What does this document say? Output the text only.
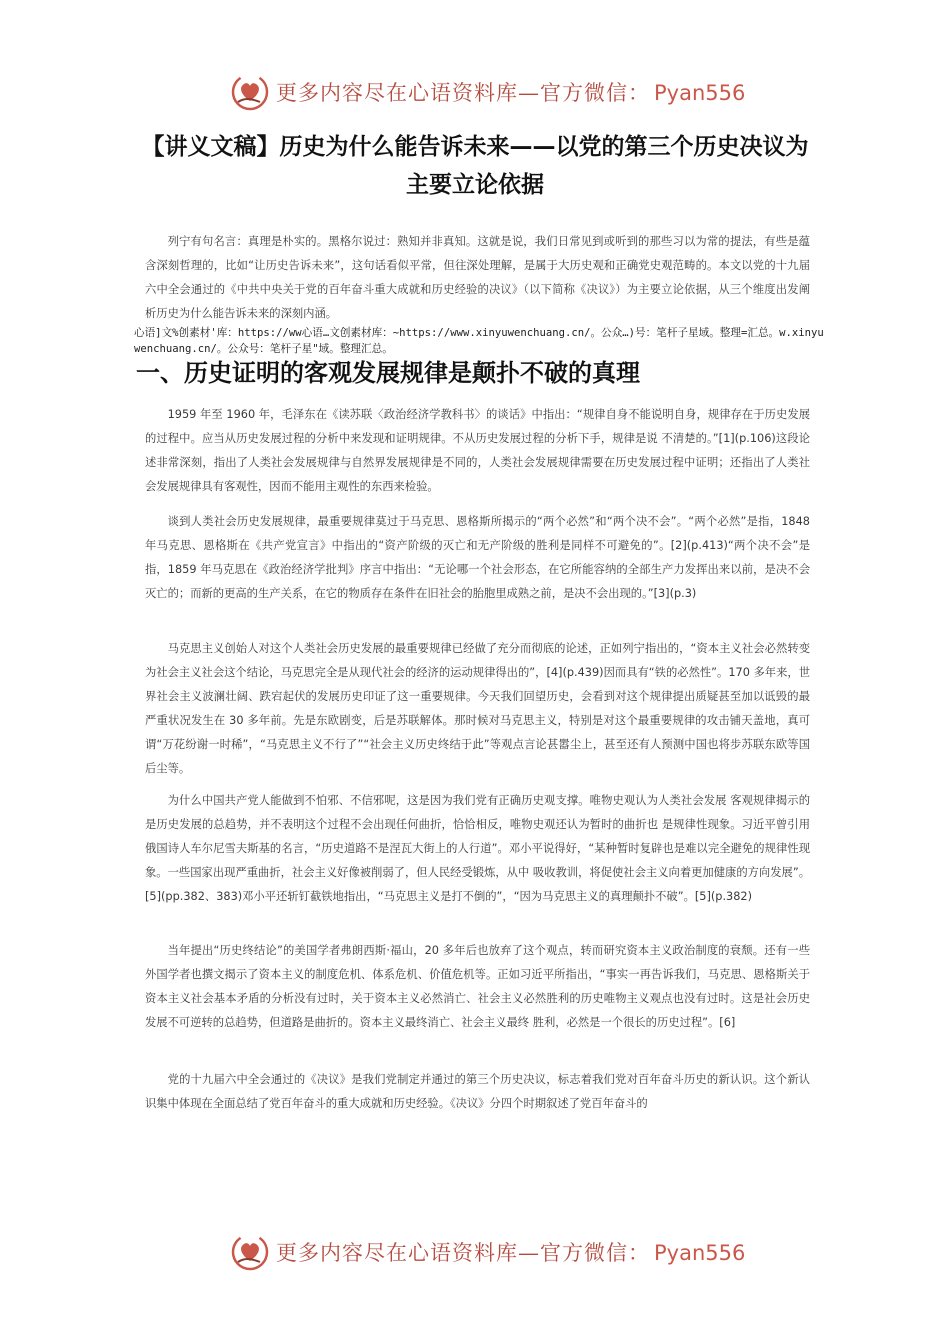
更多内容尽在心语资料库—官方微信： Pyan556
【讲义文稿】历史为什么能告诉未来——以党的第三个历史决议为
主要立论依据
列宁有句名言：真理是朴实的。黑格尔说过：熟知并非真知。这就是说，我们日常见到或听到的那些习以为常的提法，有些是蕴含深刻哲理的，比如“让历史告诉未来”，这句话看似平常，但往深处理解，是属于大历史观和正确党史观范畴的。本文以党的十九届六中全会通过的《中共中央关于党的百年奋斗重大成就和历史经验的决议》（以下简称《决议》）为主要立论依据，从三个维度出发阐析历史为什么能告诉未来的深刻内涵。
心语]文%创素材'库：https://ww心语…文创素材库：~https://www.xinyuwenchuang.cn/。公众…)号：笔杆子星域。整理=汇总。w.xinyuwenchuang.cn/。公众号：笔杆子星"域。整理汇总。
一、历史证明的客观发展规律是颠扑不破的真理
1959 年至 1960 年，毛泽东在《读苏联〈政治经济学教科书〉的谈话》中指出：“规律自身不能说明自身，规律存在于历史发展的过程中。应当从历史发展过程的分析中来发现和证明规律。不从历史发展过程的分析下手，规律是说 不清楚的。”[1](p.106)这段论述非常深刻，指出了人类社会发展规律与自然界发展规律是不同的，人类社会发展规律需要在历史发展过程中证明；还指出了人类社会发展规律具有客观性，因而不能用主观性的东西来检验。
谈到人类社会历史发展规律，最重要规律莫过于马克思、恩格斯所揭示的“两个必然”和“两个决不会”。“两个必然”是指，1848 年马克思、恩格斯在《共产党宣言》中指出的“资产阶级的灭亡和无产阶级的胜利是同样不可避免的”。[2](p.413)“两个决不会”是指，1859 年马克思在《政治经济学批判》序言中指出：“无论哪一个社会形态，在它所能容纳的全部生产力发挥出来以前，是决不会灭亡的；而新的更高的生产关系，在它的物质存在条件在旧社会的胎胞里成熟之前，是决不会出现的。”[3](p.3)
马克思主义创始人对这个人类社会历史发展的最重要规律已经做了充分而彻底的论述，正如列宁指出的，“资本主义社会必然转变为社会主义社会这个结论，马克思完全是从现代社会的经济的运动规律得出的”，[4](p.439)因而具有“铁的必然性”。170 多年来，世界社会主义波澜壮阔、跌宕起伏的发展历史印证了这一重要规律。今天我们回望历史，会看到对这个规律提出质疑甚至加以诋毁的最严重状况发生在 30 多年前。先是东欧剧变，后是苏联解体。那时候对马克思主义，特别是对这个最重要规律的攻击铺天盖地，真可谓“万花纷谢一时稀”，“马克思主义不行了”“社会主义历史终结于此”等观点言论甚嚣尘上，甚至还有人预测中国也将步苏联东欧等国后尘等。
为什么中国共产党人能做到不怕邪、不信邪呢，这是因为我们党有正确历史观支撑。唯物史观认为人类社会发展 客观规律揭示的是历史发展的总趋势，并不表明这个过程不会出现任何曲折，恰恰相反，唯物史观还认为暂时的曲折也 是规律性现象。习近平曾引用俄国诗人车尔尼雪夫斯基的名言，“历史道路不是涅瓦大街上的人行道”。邓小平说得好，“某种暂时复辟也是难以完全避免的规律性现象。一些国家出现严重曲折，社会主义好像被削弱了，但人民经受锻炼，从中 吸收教训，将促使社会主义向着更加健康的方向发展”。[5](pp.382、383)邓小平还斩钉截铁地指出，“马克思主义是打不倒的”，“因为马克思主义的真理颠扑不破”。[5](p.382)
当年提出“历史终结论”的美国学者弗朗西斯·福山，20 多年后也放弃了这个观点，转而研究资本主义政治制度的衰颓。还有一些外国学者也撰文揭示了资本主义的制度危机、体系危机、价值危机等。正如习近平所指出，“事实一再告诉我们，马克思、恩格斯关于资本主义社会基本矛盾的分析没有过时，关于资本主义必然消亡、社会主义必然胜利的历史唯物主义观点也没有过时。这是社会历史发展不可逆转的总趋势，但道路是曲折的。资本主义最终消亡、社会主义最终 胜利，必然是一个很长的历史过程”。[6]
党的十九届六中全会通过的《决议》是我们党制定并通过的第三个历史决议，标志着我们党对百年奋斗历史的新认识。这个新认识集中体现在全面总结了党百年奋斗的重大成就和历史经验。《决议》分四个时期叙述了党百年奋斗的
更多内容尽在心语资料库—官方微信： Pyan556
